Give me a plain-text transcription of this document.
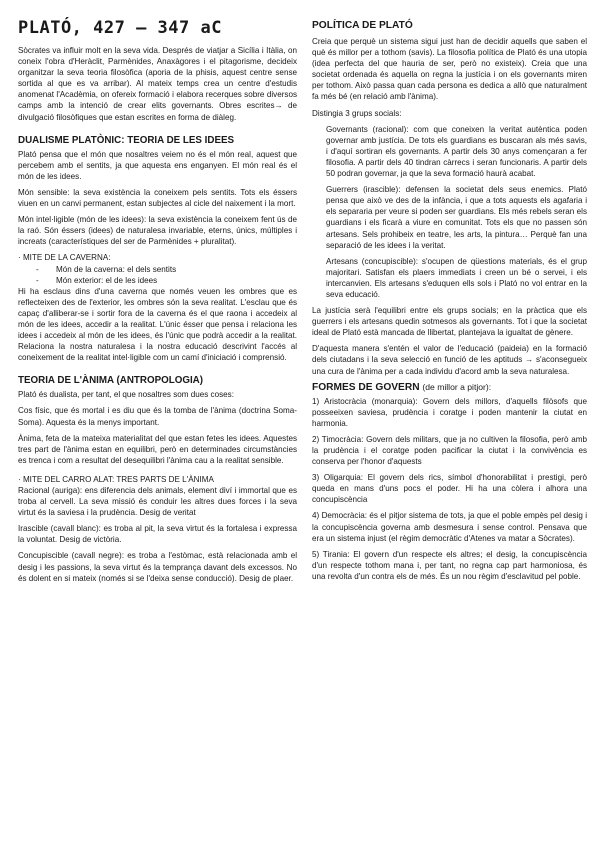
PLATÓ, 427 – 347 aC

Sòcrates va influir molt en la seva vida. Després de viatjar a Sicília i Itàlia, on coneix l'obra d'Heràclit, Parmènides, Anaxàgores i el pitagorisme, decideix organitzar la seva teoria filosòfica (aporia de la phisis, aquest centre sense sortida al que es va arribar). Al mateix temps crea un centre d'estudis anomenat l'Acadèmia, on ofereix formació i elabora recerques sobre diversos camps amb la intenció de crear elits governants. Obres escrites→ de divulgació filosòfiques que estan escrites en forma de diàleg.

DUALISME PLATÒNIC: TEORIA DE LES IDEES

Plató pensa que el món que nosaltres veiem no és el món real, aquest que percebem amb el sentits, ja que aquesta ens enganyen. El món real és el món de les idees.

Món sensible: la seva existència la coneixem pels sentits. Tots els éssers viuen en un canvi permanent, estan subjectes al cicle del naixement i la mort.

Món intel·ligible (món de les idees): la seva existència la coneixem fent ús de la raó. Són éssers (idees) de naturalesa invariable, eterns, únics, múltiples i increats (característiques del ser de Parmènides + pluralitat).

· MITE DE LA CAVERNA:
- Món de la caverna: el dels sentits
- Món exterior: el de les idees

Hi ha esclaus dins d'una caverna que només veuen les ombres que es reflecteixen des de l'exterior, les ombres són la seva realitat. L'esclau que és capaç d'alliberar-se i sortir fora de la caverna és el que raona i accedeix al món de les idees, accedir a la realitat. L'únic ésser que pensa i relaciona les idees i accedeix al món de les idees, és l'únic que podrà accedir a la realitat. Relaciona la nostra naturalesa i la nostra educació descrivint l'accés al coneixement de la realitat intel·ligible com un camí d'iniciació i comprensió.

TEORIA DE L'ÀNIMA (ANTROPOLOGIA)

Plató és dualista, per tant, el que nosaltres som dues coses:

Cos físic, que és mortal i es diu que és la tomba de l'ànima (doctrina Soma-Soma). Aquesta és la menys important.

Ànima, feta de la mateixa materialitat del que estan fetes les idees. Aquestes tres part de l'ànima estan en equilibri, però en determinades circumstàncies es trenca i com a resultat del desequilibri l'ànima cau a la realitat sensible.

· MITE DEL CARRO ALAT: TRES PARTS DE L'ÀNIMA

Racional (auriga): ens diferencia dels animals, element diví i immortal que es troba al cervell. La seva missió és conduir les altres dues forces i la seva virtut és la saviesa i la prudència. Desig de veritat

Irascible (cavall blanc): es troba al pit, la seva virtut és la fortalesa i expressa la voluntat. Desig de victòria.

Concupiscible (cavall negre): es troba a l'estòmac, està relacionada amb el desig i les passions, la seva virtut és la temprança davant dels excessos. No és dolent en si mateix (només si se l'deixa sense conducció). Desig de plaer.

POLÍTICA DE PLATÓ

Creia que perquè un sistema sigui just han de decidir aquells que saben el què és millor per a tothom (savis). La filosofia política de Plató és una utopia (idea perfecta del que hauria de ser, però no existeix). Creia que una societat ordenada és aquella on regna la justícia i on els governants miren per tothom. Això passa quan cada persona es dedica a allò que naturalment fa més bé (en relació amb l'ànima).

Distingia 3 grups socials:

Governants (racional): com que coneixen la veritat autèntica poden governar amb justícia. De tots els guardians es buscaran als més savis, i d'aquí sortiran els governants. A partir dels 30 anys començaran a fer filosofia. A partir dels 40 tindran càrrecs i seran funcionaris. A partir dels 50 podran governar, ja que la seva formació haurà acabat.

Guerrers (irascible): defensen la societat dels seus enemics. Plató pensa que això ve des de la infància, i que a tots aquests els agafaria i els separaria per veure si poden ser guardians. Els més rebels seran els guardians i els ficarà a viure en comunitat. Tots els que no passen són artesans. Sels prohibeix en teatre, les arts, la pintura… Perquè fan una separació de les idees i la veritat.

Artesans (concupiscible): s'ocupen de qüestions materials, és el grup majoritari. Satisfan els plaers immediats i creen un bé o servei, i els intercanvien. Els artesans s'eduquen ells sols i Plató no vol entrar en la seva educació.

La justícia serà l'equilibri entre els grups socials; en la pràctica que els guerrers i els artesans quedin sotmesos als governants. Tot i que la societat ideal de Plató està mancada de llibertat, plantejava la igualtat de gènere.

D'aquesta manera s'entén el valor de l'educació (paideia) en la formació dels ciutadans i la seva selecció en funció de les aptituds → s'aconsegueix una cura de l'ànima per a cada individu d'acord amb la seva naturalesa.

FORMES DE GOVERN (de millor a pitjor):

1) Aristocràcia (monarquia): Govern dels millors, d'aquells filòsofs que posseeixen saviesa, prudència i coratge i poden mantenir la ciutat en harmonia.

2) Timocràcia: Govern dels militars, que ja no cultiven la filosofia, però amb la prudència i el coratge poden pacificar la ciutat i la convivència es conserva per l'honor d'aquests

3) Oligarquia: El govern dels rics, símbol d'honorabilitat i prestigi, però queda en mans d'uns pocs el poder. Hi ha una còlera i alhora una concupiscència

4) Democràcia: és el pitjor sistema de tots, ja que el poble empès pel desig i la concupiscència governa amb desmesura i sense control. Pensava que era un sistema injust (el règim democràtic d'Atenes va matar a Sòcrates).

5) Tirania: El govern d'un respecte els altres; el desig, la concupiscència d'un respecte tothom mana i, per tant, no regna cap part harmoniosa, és una revolta d'un contra els de més. És un nou règim d'esclavitud pel poble.
